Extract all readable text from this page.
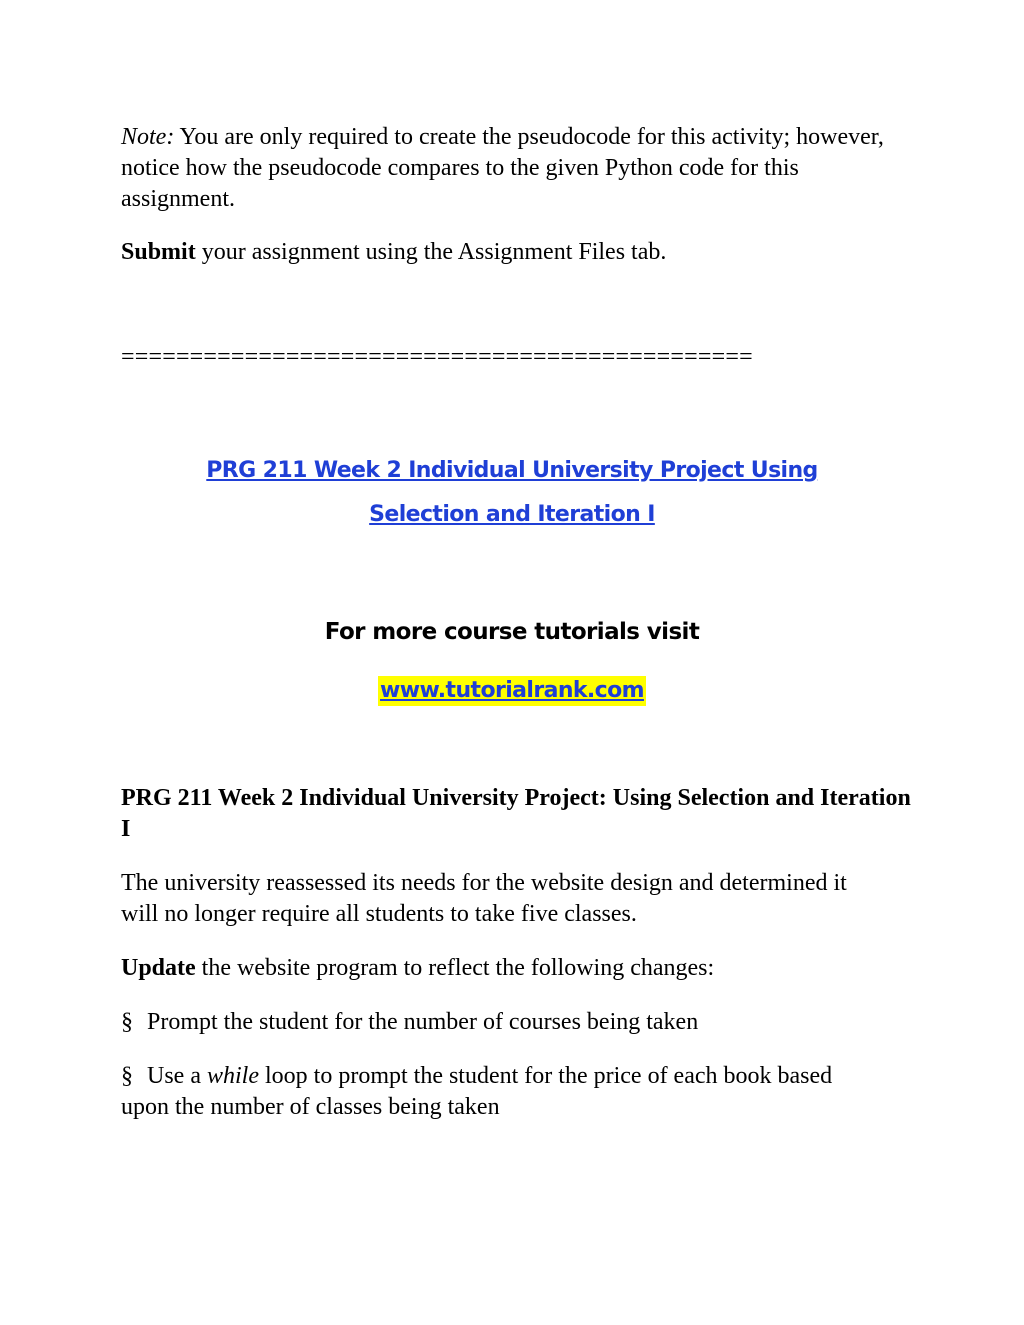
Note: You are only required to create the pseudocode for this activity; however, notice how the pseudocode compares to the given Python code for this assignment.

Submit your assignment using the Assignment Files tab.

==============================================
PRG 211 Week 2 Individual University Project Using
Selection and Iteration I
For more course tutorials visit
www.tutorialrank.com

PRG 211 Week 2 Individual University Project: Using Selection and Iteration I

The university reassessed its needs for the website design and determined it will no longer require all students to take five classes.

Update the website program to reflect the following changes:

§ Prompt the student for the number of courses being taken

§ Use a while loop to prompt the student for the price of each book based upon the number of classes being taken
